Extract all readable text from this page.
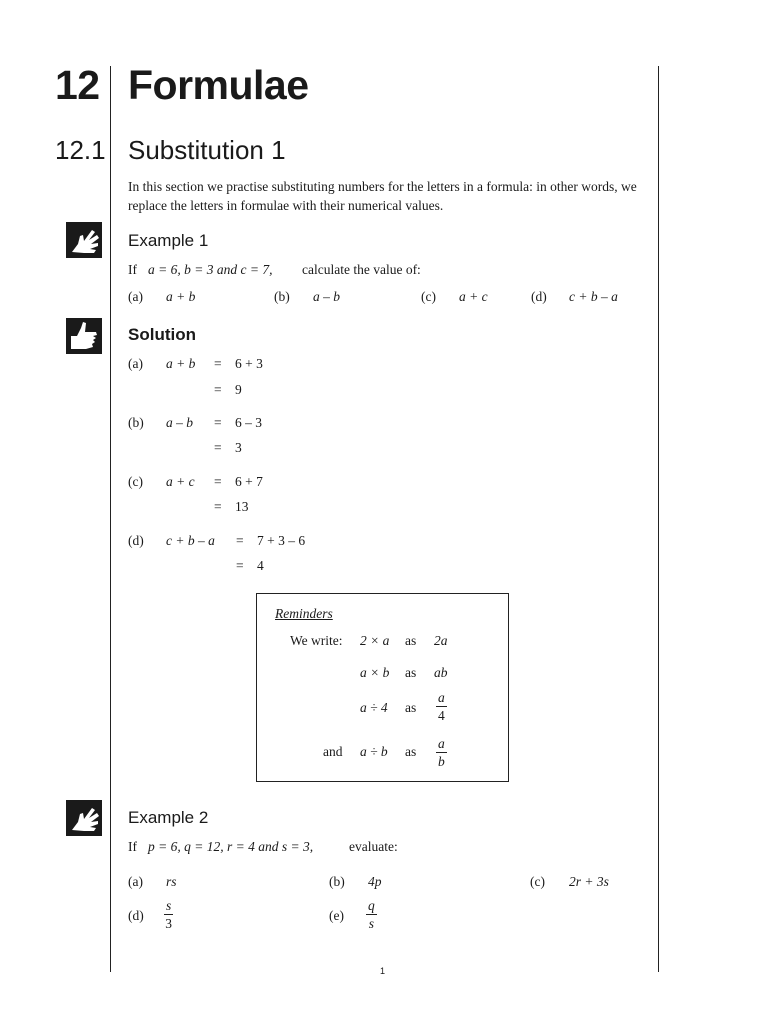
12 Formulae
12.1 Substitution 1
In this section we practise substituting numbers for the letters in a formula: in other words, we replace the letters in formulae with their numerical values.
Example 1
If a = 6, b = 3 and c = 7, calculate the value of:
(a) a + b	(b) a – b	(c) a + c	(d) c + b – a
Solution
(a) a + b = 6 + 3
= 9
(b) a – b = 6 – 3
= 3
(c) a + c = 6 + 7
= 13
(d) c + b – a = 7 + 3 – 6
= 4
Reminders
We write: 2 × a as 2a
a × b as ab
a ÷ 4 as $\frac{a}{4}$
and a ÷ b as $\frac{a}{b}$
Example 2
If p = 6, q = 12, r = 4 and s = 3,	evaluate:
(a) rs	(b) 4p	(c) 2r + 3s
$(d) \frac{s}{3}$	$(e) \frac{q}{s}$
1
